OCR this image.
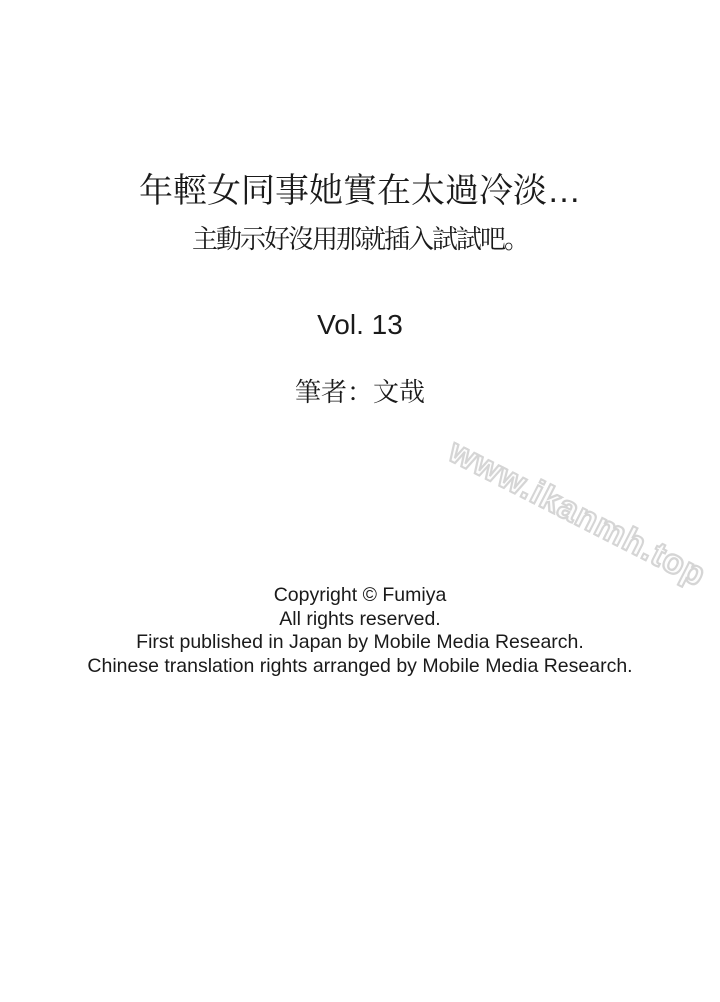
年輕女同事她實在太過冷淡…
主動示好沒用那就插入試試吧。
Vol. 13
筆者：文哉
www.ikanmh.top
Copyright © Fumiya
All rights reserved.
First published in Japan by Mobile Media Research.
Chinese translation rights arranged by Mobile Media Research.
